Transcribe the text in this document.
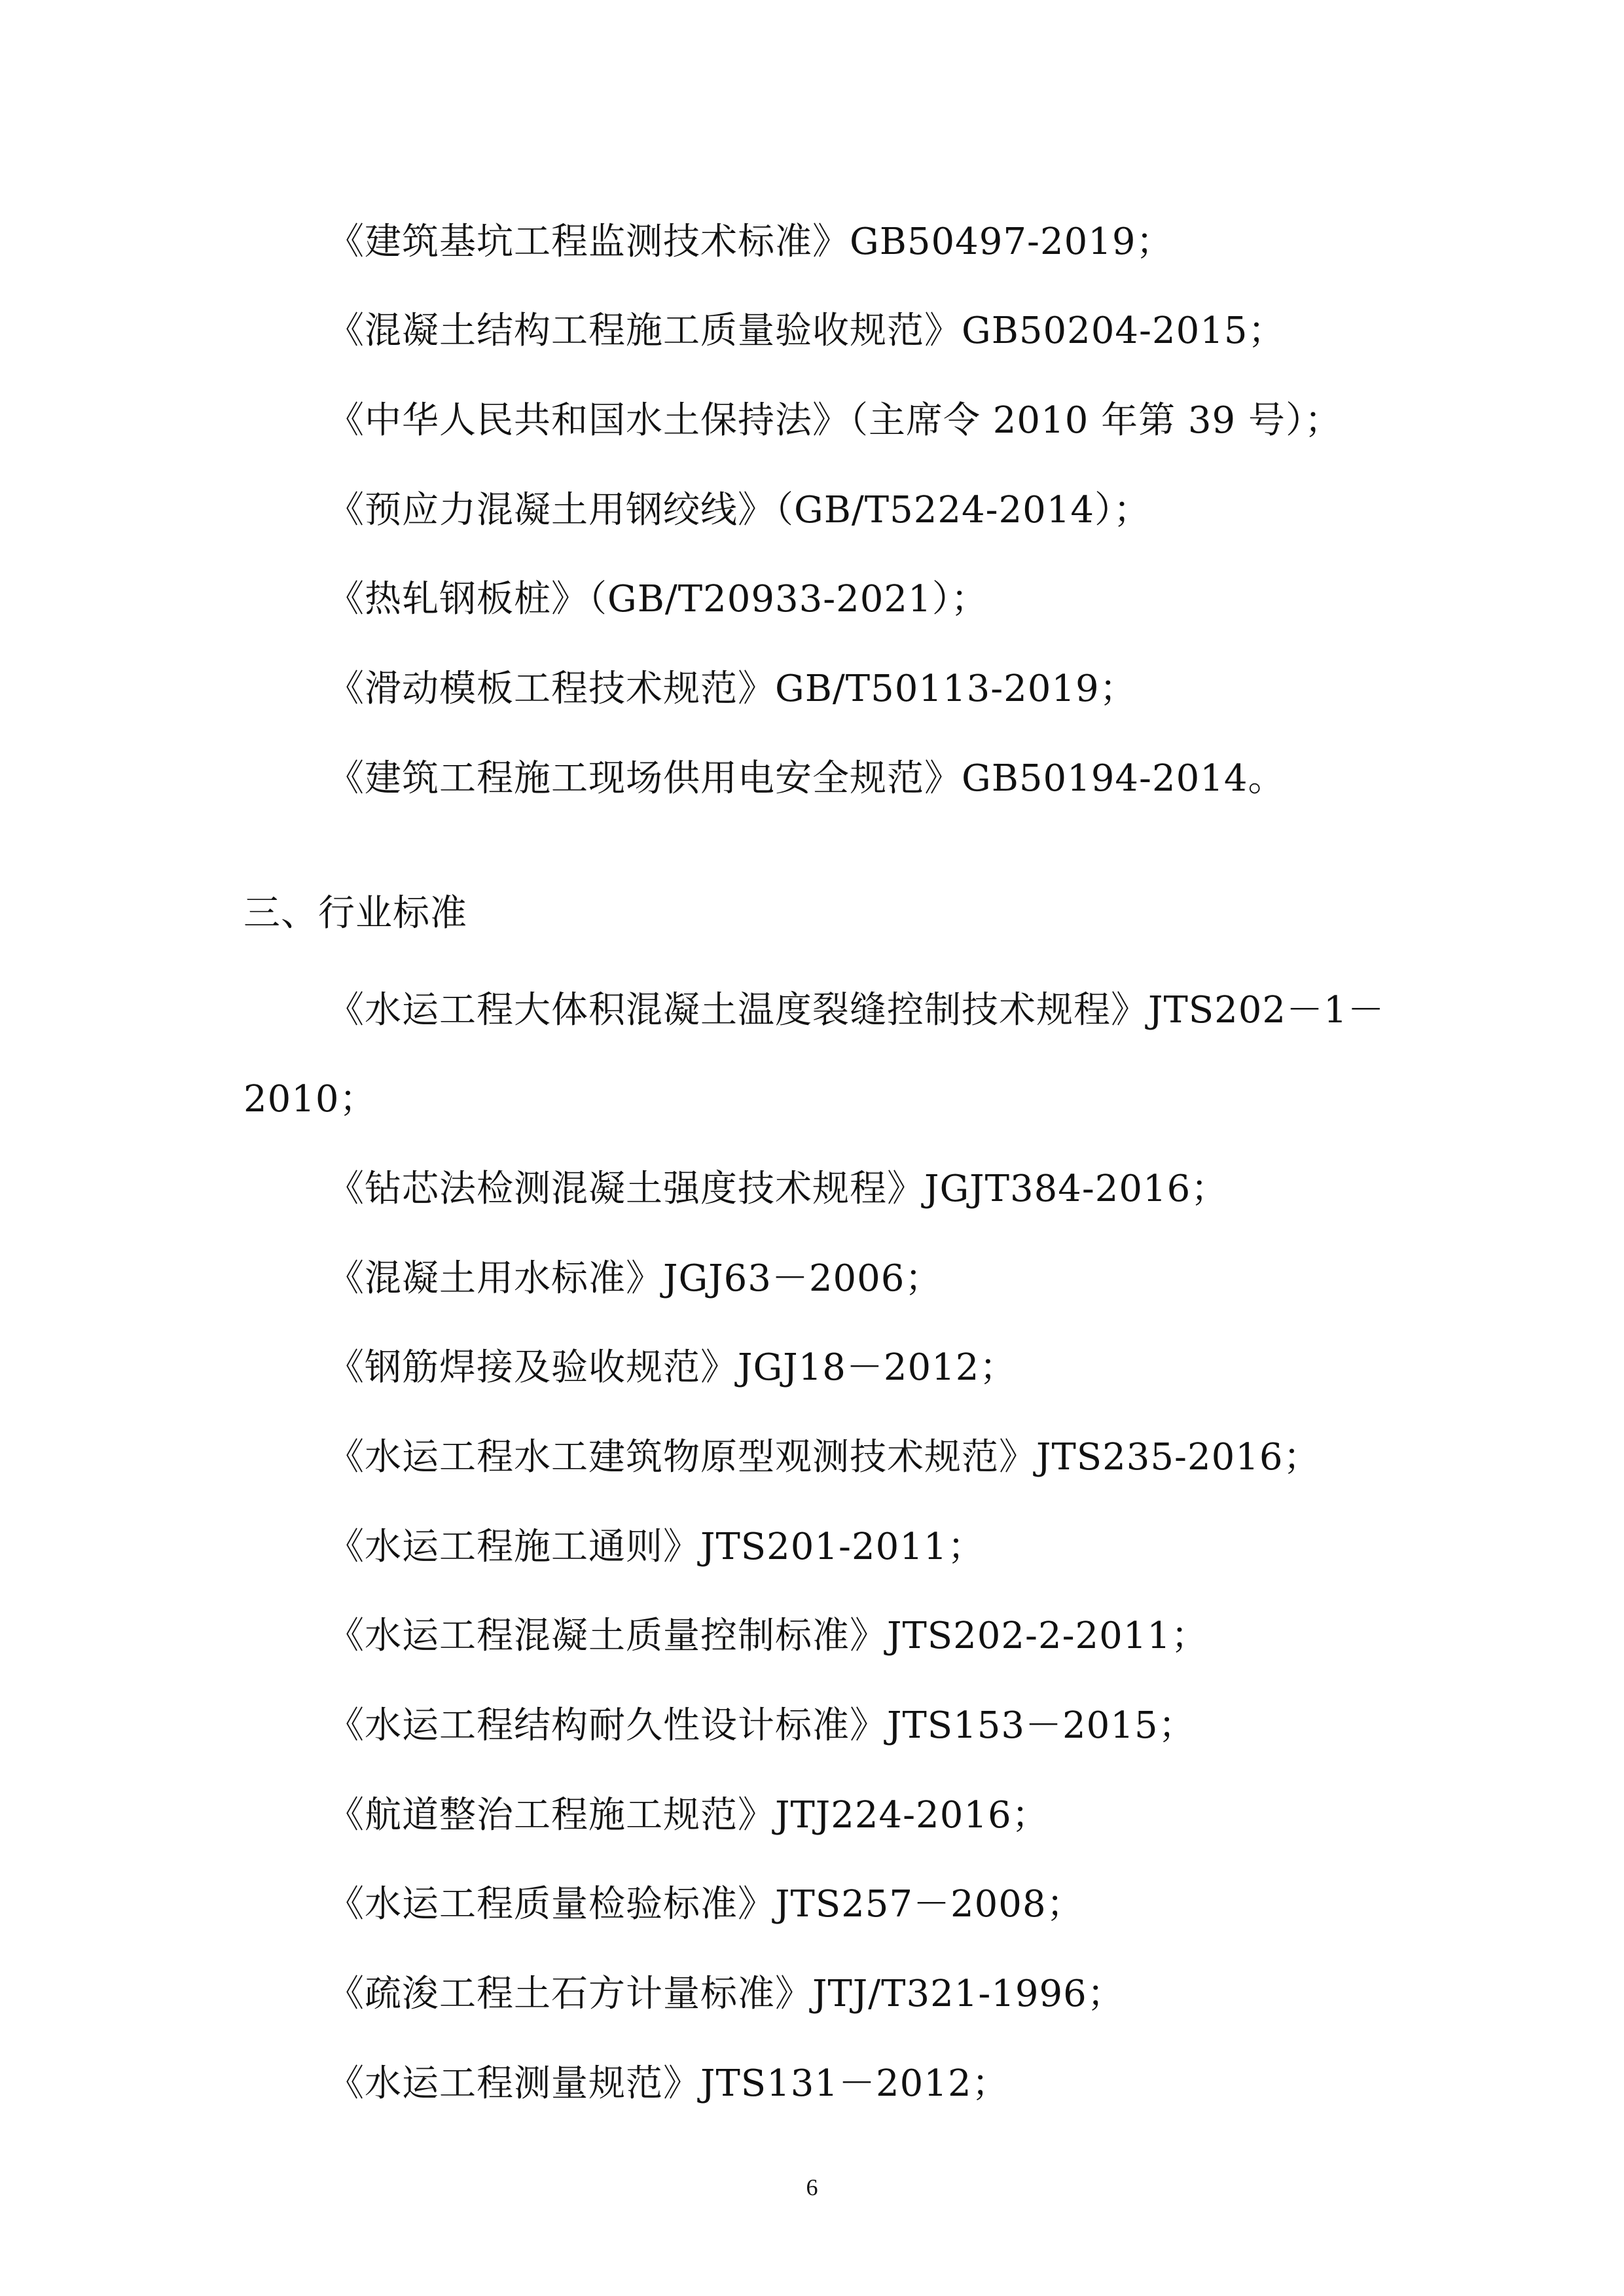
《建筑基坑工程监测技术标准》GB50497-2019；
《混凝土结构工程施工质量验收规范》GB50204-2015；
《中华人民共和国水土保持法》（主席令 2010 年第 39 号）；
《预应力混凝土用钢绞线》（GB/T5224-2014）；
《热轧钢板桩》（GB/T20933-2021）；
《滑动模板工程技术规范》GB/T50113-2019；
《建筑工程施工现场供用电安全规范》GB50194-2014。
三、行业标准
《水运工程大体积混凝土温度裂缝控制技术规程》JTS202－1－
2010；
《钻芯法检测混凝土强度技术规程》JGJT384-2016；
《混凝土用水标准》JGJ63－2006；
《钢筋焊接及验收规范》JGJ18－2012；
《水运工程水工建筑物原型观测技术规范》JTS235-2016；
《水运工程施工通则》JTS201-2011；
《水运工程混凝土质量控制标准》JTS202-2-2011；
《水运工程结构耐久性设计标准》JTS153－2015；
《航道整治工程施工规范》JTJ224-2016；
《水运工程质量检验标准》JTS257－2008；
《疏浚工程土石方计量标准》JTJ/T321-1996；
《水运工程测量规范》JTS131－2012；
6
